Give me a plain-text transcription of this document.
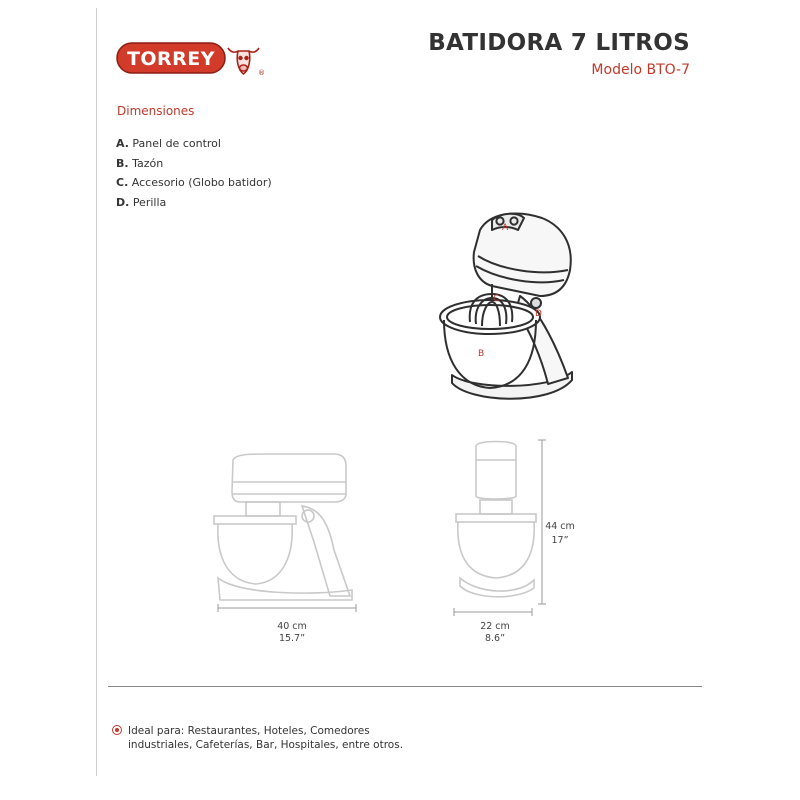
TORREY
®
BATIDORA 7 LITROS
Modelo BTO-7
Dimensiones
A. Panel de control
B. Tazón
C. Accesorio (Globo batidor)
D. Perilla
A
B
C
D
40 cm
15.7”
22 cm
8.6”
44 cm
17”
Ideal para: Restaurantes, Hoteles, Comedores industriales, Cafeterías, Bar, Hospitales, entre otros.
